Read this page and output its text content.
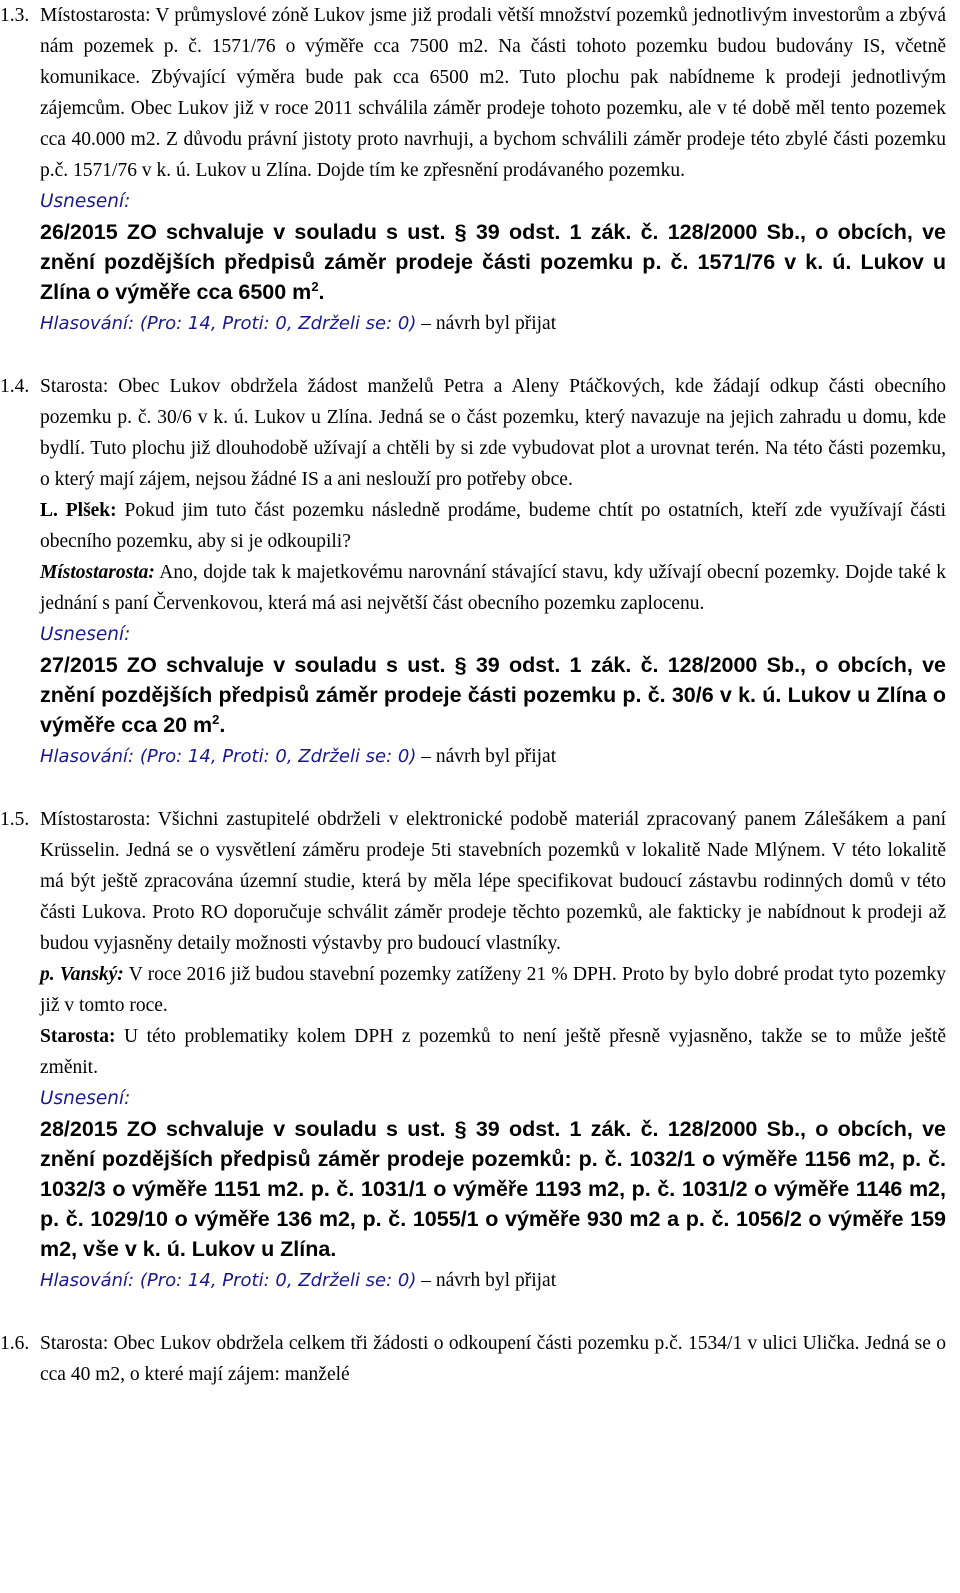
1.3. Místostarosta: V průmyslové zóně Lukov jsme již prodali větší množství pozemků jednotlivým investorům a zbývá nám pozemek p. č. 1571/76 o výměře cca 7500 m2. Na části tohoto pozemku budou budovány IS, včetně komunikace. Zbývající výměra bude pak cca 6500 m2. Tuto plochu pak nabídneme k prodeji jednotlivým zájemcům. Obec Lukov již v roce 2011 schválila záměr prodeje tohoto pozemku, ale v té době měl tento pozemek cca 40.000 m2. Z důvodu právní jistoty proto navrhuji, a bychom schválili záměr prodeje této zbylé části pozemku p.č. 1571/76 v k. ú. Lukov u Zlína. Dojde tím ke zpřesnění prodávaného pozemku.

Usnesení:

26/2015 ZO schvaluje v souladu s ust. § 39 odst. 1 zák. č. 128/2000 Sb., o obcích, ve znění pozdějších předpisů záměr prodeje části pozemku p. č. 1571/76 v k. ú. Lukov u Zlína o výměře cca 6500 $m^2$.

Hlasování: (Pro: 14, Proti: 0, Zdrželi se: 0) – návrh byl přijat

1.4. Starosta: Obec Lukov obdržela žádost manželů Petra a Aleny Ptáčkových, kde žádají odkup části obecního pozemku p. č. 30/6 v k. ú. Lukov u Zlína. Jedná se o část pozemku, který navazuje na jejich zahradu u domu, kde bydlí. Tuto plochu již dlouhodobě užívají a chtěli by si zde vybudovat plot a urovnat terén. Na této části pozemku, o který mají zájem, nejsou žádné IS a ani neslouží pro potřeby obce.

L. Plšek: Pokud jim tuto část pozemku následně prodáme, budeme chtít po ostatních, kteří zde využívají části obecního pozemku, aby si je odkoupili?

Místostarosta: Ano, dojde tak k majetkovému narovnání stávající stavu, kdy užívají obecní pozemky. Dojde také k jednání s paní Červenkovou, která má asi největší část obecního pozemku zaplocenu.

Usnesení:

27/2015 ZO schvaluje v souladu s ust. § 39 odst. 1 zák. č. 128/2000 Sb., o obcích, ve znění pozdějších předpisů záměr prodeje části pozemku p. č. 30/6 v k. ú. Lukov u Zlína o výměře cca 20 $m^2$.

Hlasování: (Pro: 14, Proti: 0, Zdrželi se: 0) – návrh byl přijat

1.5. Místostarosta: Všichni zastupitelé obdrželi v elektronické podobě materiál zpracovaný panem Zálešákem a paní Krüsselin. Jedná se o vysvětlení záměru prodeje 5ti stavebních pozemků v lokalitě Nade Mlýnem. V této lokalitě má být ještě zpracována územní studie, která by měla lépe specifikovat budoucí zástavbu rodinných domů v této části Lukova. Proto RO doporučuje schválit záměr prodeje těchto pozemků, ale fakticky je nabídnout k prodeji až budou vyjasněny detaily možnosti výstavby pro budoucí vlastníky.

p. Vanský: V roce 2016 již budou stavební pozemky zatíženy 21 % DPH. Proto by bylo dobré prodat tyto pozemky již v tomto roce.

Starosta: U této problematiky kolem DPH z pozemků to není ještě přesně vyjasněno, takže se to může ještě změnit.

Usnesení:

28/2015 ZO schvaluje v souladu s ust. § 39 odst. 1 zák. č. 128/2000 Sb., o obcích, ve znění pozdějších předpisů záměr prodeje pozemků: p. č. 1032/1 o výměře 1156 m2, p. č. 1032/3 o výměře 1151 m2. p. č. 1031/1 o výměře 1193 m2, p. č. 1031/2 o výměře 1146 m2, p. č. 1029/10 o výměře 136 m2, p. č. 1055/1 o výměře 930 m2 a p. č. 1056/2 o výměře 159 m2, vše v k. ú. Lukov u Zlína.

Hlasování: (Pro: 14, Proti: 0, Zdrželi se: 0) – návrh byl přijat

1.6. Starosta: Obec Lukov obdržela celkem tři žádosti o odkoupení části pozemku p.č. 1534/1 v ulici Ulička. Jedná se o cca 40 m2, o které mají zájem: manželé
